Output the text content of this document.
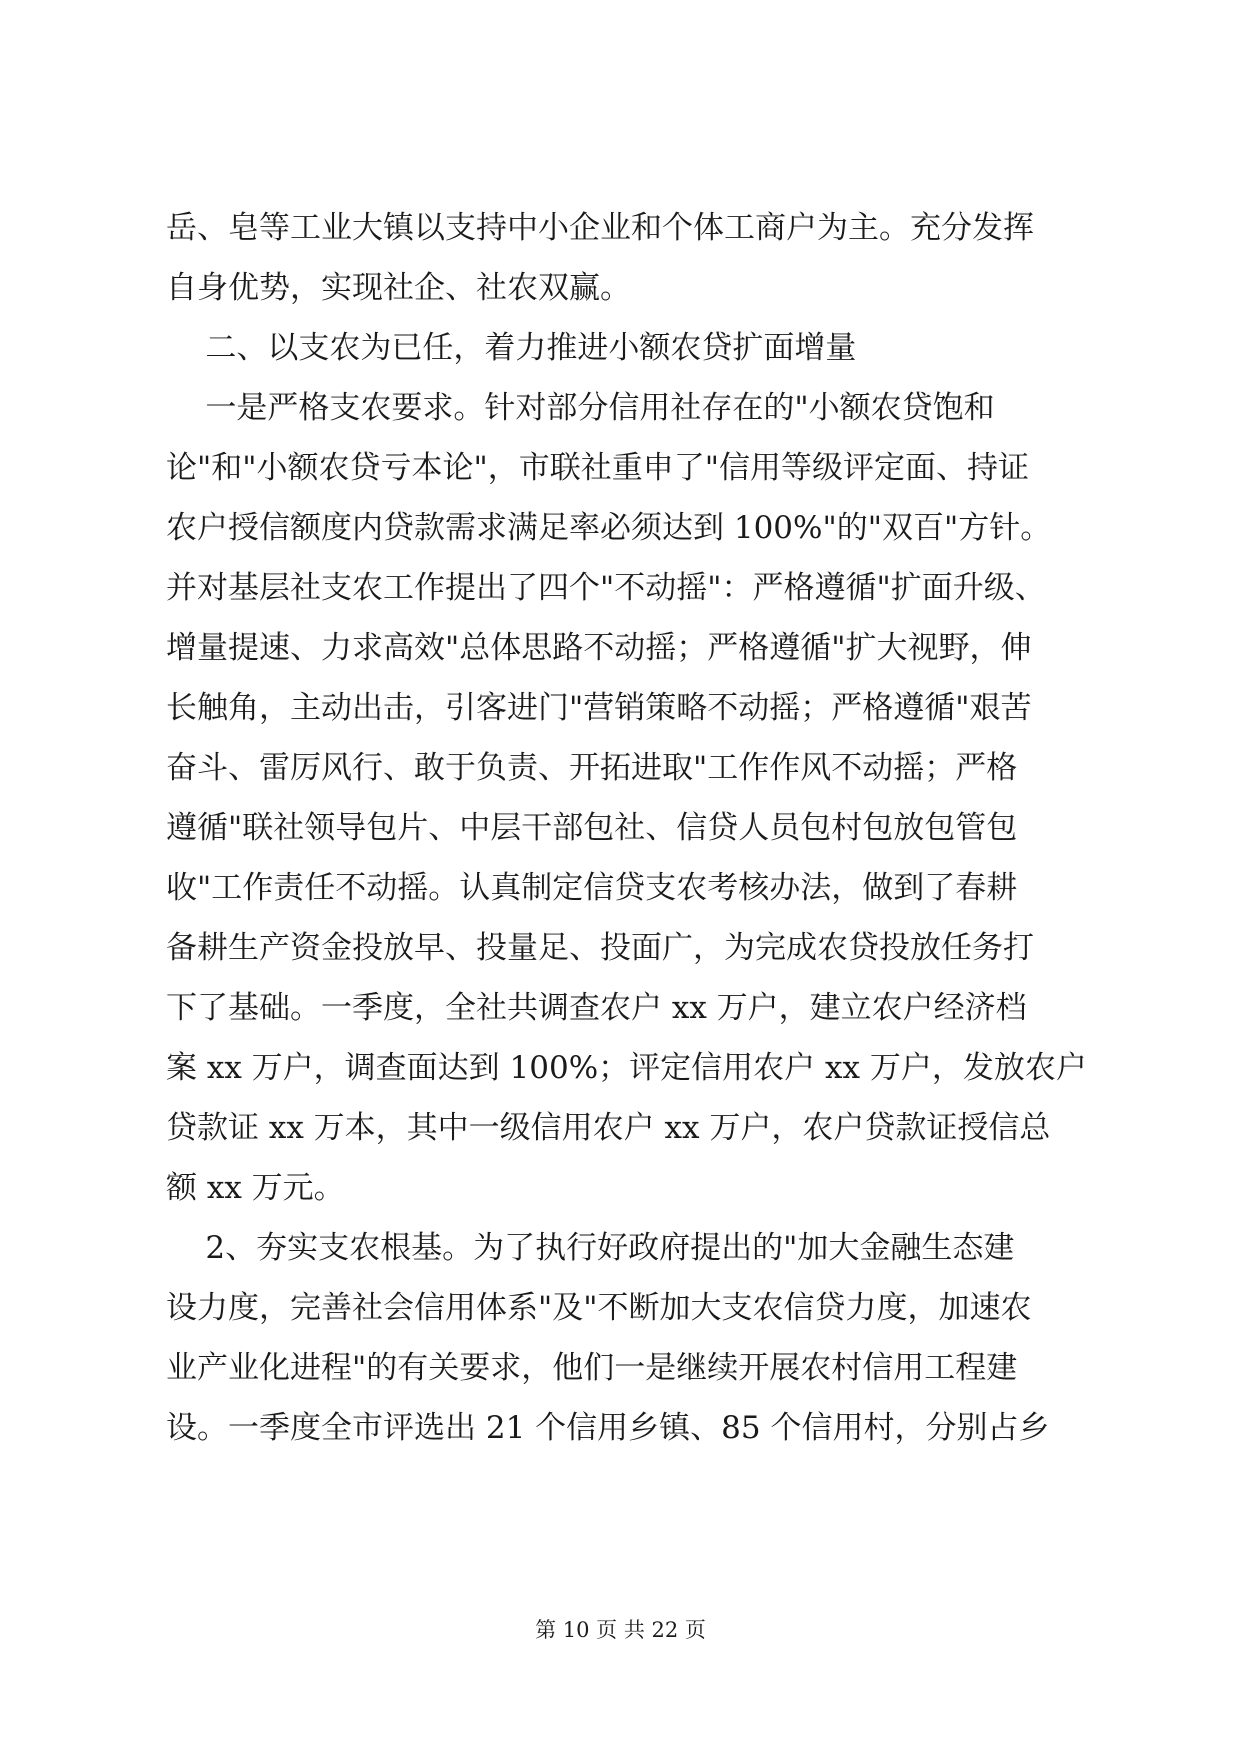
岳、皂等工业大镇以支持中小企业和个体工商户为主。充分发挥
自身优势，实现社企、社农双赢。
二、以支农为已任，着力推进小额农贷扩面增量
一是严格支农要求。针对部分信用社存在的"小额农贷饱和
论"和"小额农贷亏本论"，市联社重申了"信用等级评定面、持证
农户授信额度内贷款需求满足率必须达到 100%"的"双百"方针。
并对基层社支农工作提出了四个"不动摇"：严格遵循"扩面升级、
增量提速、力求高效"总体思路不动摇；严格遵循"扩大视野，伸
长触角，主动出击，引客进门"营销策略不动摇；严格遵循"艰苦
奋斗、雷厉风行、敢于负责、开拓进取"工作作风不动摇；严格
遵循"联社领导包片、中层干部包社、信贷人员包村包放包管包
收"工作责任不动摇。认真制定信贷支农考核办法，做到了春耕
备耕生产资金投放早、投量足、投面广，为完成农贷投放任务打
下了基础。一季度，全社共调查农户 xx 万户，建立农户经济档
案 xx 万户，调查面达到 100%；评定信用农户 xx 万户，发放农户
贷款证 xx 万本，其中一级信用农户 xx 万户，农户贷款证授信总
额 xx 万元。
2、夯实支农根基。为了执行好政府提出的"加大金融生态建
设力度，完善社会信用体系"及"不断加大支农信贷力度，加速农
业产业化进程"的有关要求，他们一是继续开展农村信用工程建
设。一季度全市评选出 21 个信用乡镇、85 个信用村，分别占乡
第 10 页 共 22 页
